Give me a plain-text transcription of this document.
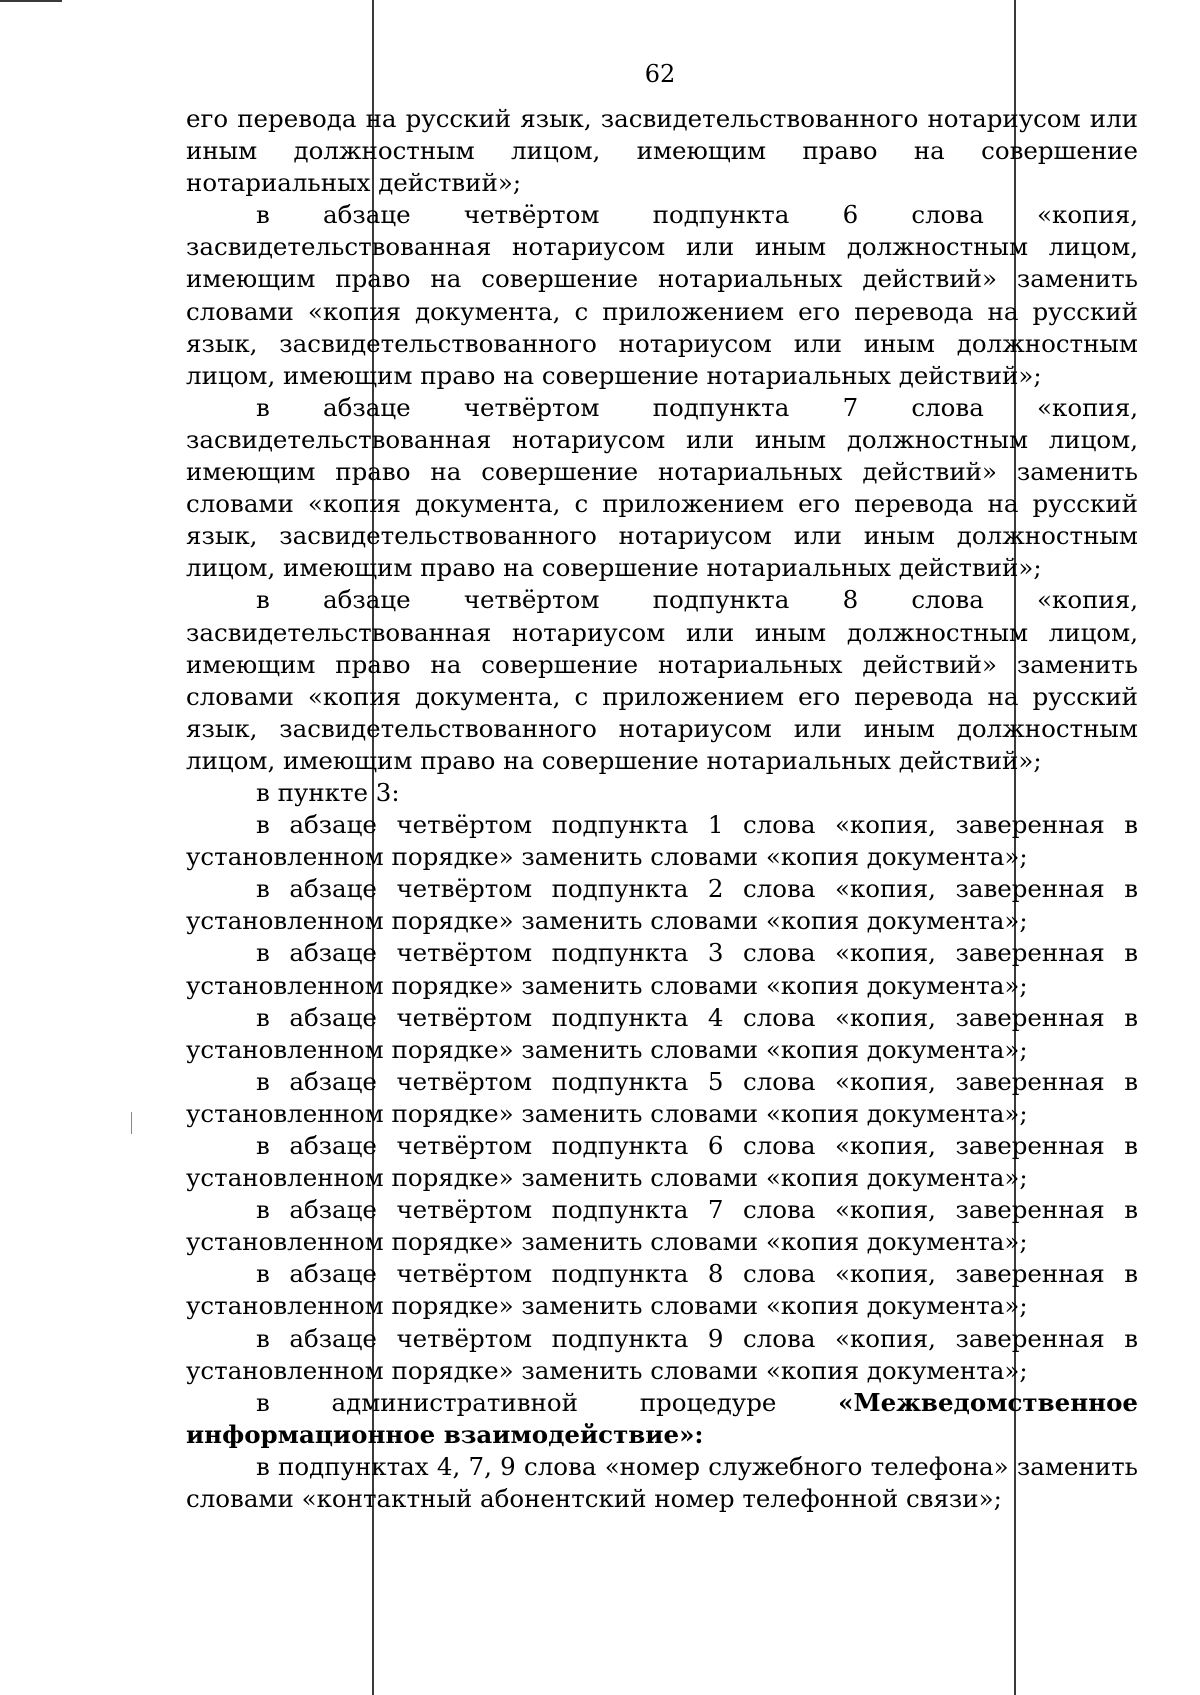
62

его перевода на русский язык, засвидетельствованного нотариусом или иным должностным лицом, имеющим право на совершение нотариальных действий»;

в абзаце четвёртом подпункта 6 слова «копия, засвидетельствованная нотариусом или иным должностным лицом, имеющим право на совершение нотариальных действий» заменить словами «копия документа, с приложением его перевода на русский язык, засвидетельствованного нотариусом или иным должностным лицом, имеющим право на совершение нотариальных действий»;

в абзаце четвёртом подпункта 7 слова «копия, засвидетельствованная нотариусом или иным должностным лицом, имеющим право на совершение нотариальных действий» заменить словами «копия документа, с приложением его перевода на русский язык, засвидетельствованного нотариусом или иным должностным лицом, имеющим право на совершение нотариальных действий»;

в абзаце четвёртом подпункта 8 слова «копия, засвидетельствованная нотариусом или иным должностным лицом, имеющим право на совершение нотариальных действий» заменить словами «копия документа, с приложением его перевода на русский язык, засвидетельствованного нотариусом или иным должностным лицом, имеющим право на совершение нотариальных действий»;

в пункте 3:

в абзаце четвёртом подпункта 1 слова «копия, заверенная в установленном порядке» заменить словами «копия документа»;

в абзаце четвёртом подпункта 2 слова «копия, заверенная в установленном порядке» заменить словами «копия документа»;

в абзаце четвёртом подпункта 3 слова «копия, заверенная в установленном порядке» заменить словами «копия документа»;

в абзаце четвёртом подпункта 4 слова «копия, заверенная в установленном порядке» заменить словами «копия документа»;

в абзаце четвёртом подпункта 5 слова «копия, заверенная в установленном порядке» заменить словами «копия документа»;

в абзаце четвёртом подпункта 6 слова «копия, заверенная в установленном порядке» заменить словами «копия документа»;

в абзаце четвёртом подпункта 7 слова «копия, заверенная в установленном порядке» заменить словами «копия документа»;

в абзаце четвёртом подпункта 8 слова «копия, заверенная в установленном порядке» заменить словами «копия документа»;

в абзаце четвёртом подпункта 9 слова «копия, заверенная в установленном порядке» заменить словами «копия документа»;

в административной процедуре «Межведомственное информационное взаимодействие»:

в подпунктах 4, 7, 9 слова «номер служебного телефона» заменить словами «контактный абонентский номер телефонной связи»;
